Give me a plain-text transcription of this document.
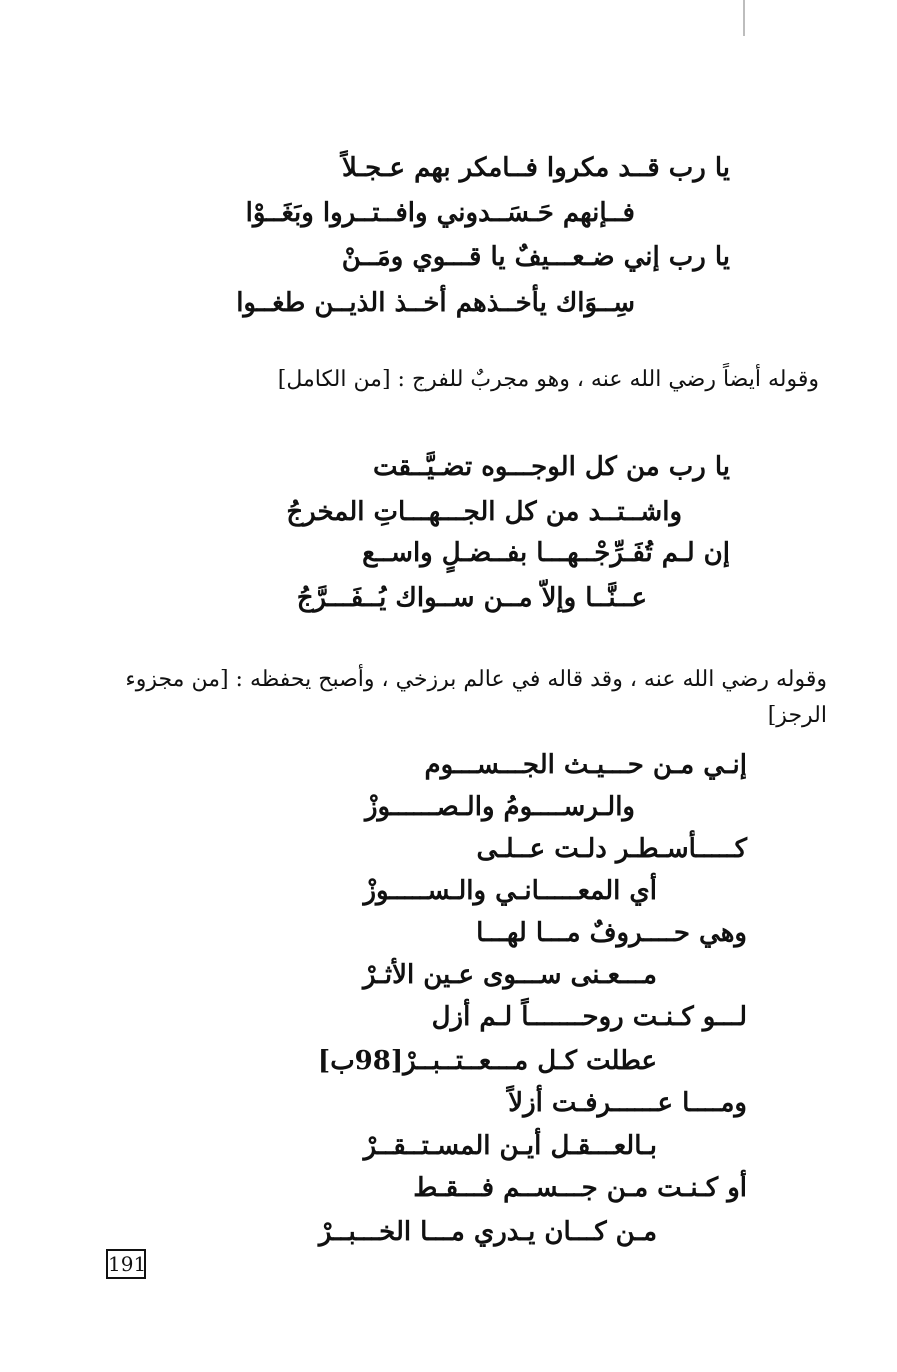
يا رب قــد مكروا فــامكر بهم عـجـلاً
فــإنهم حَـسَــدوني وافــتــروا وبَغَــوْا
يا رب إني ضـعـــيفٌ يا قـــوي ومَــنْ
سِــوَاك يأخــذهم أخــذ الذيــن طغــوا
وقوله أيضاً رضي الله عنه ، وهو مجربٌ للفرج : [من الكامل]
يا رب من كل الوجـــوه تضـيَّــقت
واشــتــد من كل الجـــهـــاتِ المخرجُ
إن لـم تُفَـرِّجْــهـــا بفــضـلٍ واســع
عــنَّــا وإلاّ مــن ســواك يُــفَـــرَّجُ
وقوله رضي الله عنه ، وقد قاله في عالم برزخي ، وأصبح يحفظه : [من مجزوء
الرجز]
إنـي مـن حـــيـث الجـــســـوم
والـرســــومُ والـصــــــوزْ
كـــــأسـطـر دلـت عــلـى
أي المعـــــانـي والـســـــوزْ
وهي حــــروفٌ مـــا لهـــا
مـــعـنى ســـوى عـين الأثـرْ
لـــو كـنـت روحـــــــاً لـم أزل
عطلت كـل مـــعــتــبــرْ[98ب]
ومــــا عــــــرفـت أزلاً
بـالعـــقـل أيـن المسـتــقــرْ
أو كـنـت مـن جـــســم فـــقـط
مـن كـــان يـدري مـــا الخـــبــرْ
191
